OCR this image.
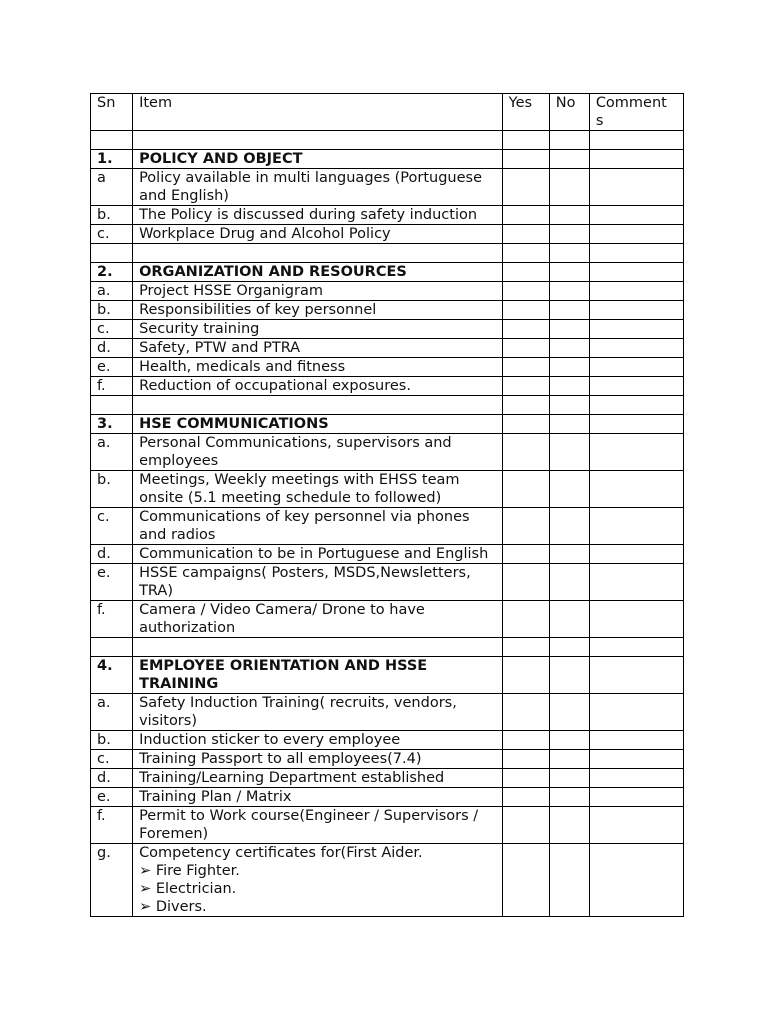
Sn	Item	Yes	No	Comment
s

1.	POLICY AND OBJECT			
a	Policy available in multi languages (Portuguese and English)			
b.	The Policy is discussed during safety induction			
c.	Workplace Drug and Alcohol Policy			

2.	ORGANIZATION AND RESOURCES			
a.	Project HSSE Organigram			
b.	Responsibilities of key personnel			
c.	Security training			
d.	Safety, PTW and PTRA			
e.	Health, medicals and fitness			
f.	Reduction of occupational exposures.			

3.	HSE COMMUNICATIONS			
a.	Personal Communications, supervisors and employees			
b.	Meetings, Weekly meetings with EHSS team onsite (5.1 meeting schedule to followed)			
c.	Communications of key personnel via phones and radios			
d.	Communication to be in Portuguese and English			
e.	HSSE campaigns( Posters, MSDS,Newsletters, TRA)			
f.	Camera / Video Camera/ Drone to have authorization			

4.	EMPLOYEE ORIENTATION AND HSSE TRAINING			
a.	Safety Induction Training( recruits, vendors, visitors)			
b.	Induction sticker to every employee			
c.	Training Passport to all employees(7.4)			
d.	Training/Learning Department established			
e.	Training Plan / Matrix			
f.	Permit to Work course(Engineer / Supervisors / Foremen)			
g.	Competency certificates for(First Aider.
➢ Fire Fighter.
➢ Electrician.
➢ Divers.			
